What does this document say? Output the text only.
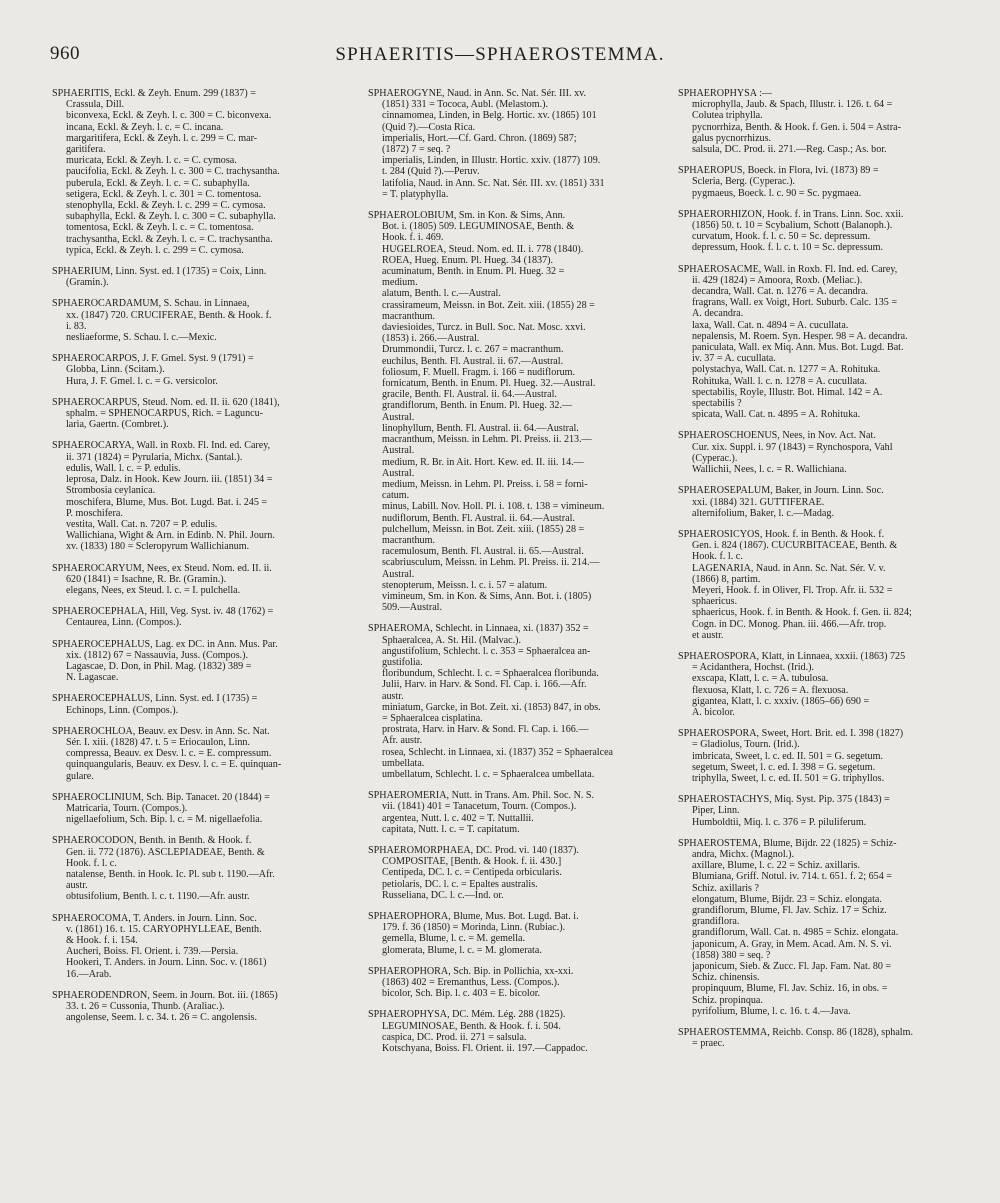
960	SPHAERITIS—SPHAEROSTEMMA.
SPHAERITIS, Eckl. & Zeyh. Enum. 299 (1837) =
Crassula, Dill.
biconvexa, Eckl. & Zeyh. l. c. 300 = C. biconvexa.
incana, Eckl. & Zeyh. l. c. = C. incana.
margaritifera, Eckl. & Zeyh. l. c. 299 = C. mar-
garitifera.
muricata, Eckl. & Zeyh. l. c. = C. cymosa.
paucifolia, Eckl. & Zeyh. l. c. 300 = C. trachysantha.
puberula, Eckl. & Zeyh. l. c. = C. subaphylla.
setigera, Eckl. & Zeyh. l. c. 301 = C. tomentosa.
stenophylla, Eckl. & Zeyh. l. c. 299 = C. cymosa.
subaphylla, Eckl. & Zeyh. l. c. 300 = C. subaphylla.
tomentosa, Eckl. & Zeyh. l. c. = C. tomentosa.
trachysantha, Eckl. & Zeyh. l. c. = C. trachysantha.
typica, Eckl. & Zeyh. l. c. 299 = C. cymosa.
SPHAERIUM, Linn. Syst. ed. I (1735) = Coix, Linn.
(Gramin.).
SPHAEROCARDAMUM, S. Schau. in Linnaea,
xx. (1847) 720. CRUCIFERAE, Benth. & Hook. f.
i. 83.
nesliaeforme, S. Schau. l. c.—Mexic.
SPHAEROCARPOS, J. F. Gmel. Syst. 9 (1791) =
Globba, Linn. (Scitam.).
Hura, J. F. Gmel. l. c. = G. versicolor.
SPHAEROCARPUS, Steud. Nom. ed. II. ii. 620 (1841),
sphalm. = SPHENOCARPUS, Rich. = Laguncu-
laria, Gaertn. (Combret.).
SPHAEROCARYA, Wall. in Roxb. Fl. Ind. ed. Carey,
ii. 371 (1824) = Pyrularia, Michx. (Santal.).
edulis, Wall. l. c. = P. edulis.
leprosa, Dalz. in Hook. Kew Journ. iii. (1851) 34 =
Strombosia ceylanica.
moschifera, Blume, Mus. Bot. Lugd. Bat. i. 245 =
P. moschifera.
vestita, Wall. Cat. n. 7207 = P. edulis.
Wallichiana, Wight & Arn. in Edinb. N. Phil. Journ.
xv. (1833) 180 = Scleropyrum Wallichianum.
SPHAEROCARYUM, Nees, ex Steud. Nom. ed. II. ii.
620 (1841) = Isachne, R. Br. (Gramin.).
elegans, Nees, ex Steud. l. c. = I. pulchella.
SPHAEROCEPHALA, Hill, Veg. Syst. iv. 48 (1762) =
Centaurea, Linn. (Compos.).
SPHAEROCEPHALUS, Lag. ex DC. in Ann. Mus. Par.
xix. (1812) 67 = Nassauvia, Juss. (Compos.).
Lagascae, D. Don, in Phil. Mag. (1832) 389 =
N. Lagascae.
SPHAEROCEPHALUS, Linn. Syst. ed. I (1735) =
Echinops, Linn. (Compos.).
SPHAEROCHLOA, Beauv. ex Desv. in Ann. Sc. Nat.
Sér. I. xiii. (1828) 47. t. 5 = Eriocaulon, Linn.
compressa, Beauv. ex Desv. l. c. = E. compressum.
quinquangularis, Beauv. ex Desv. l. c. = E. quinquan-
gulare.
SPHAEROCLINIUM, Sch. Bip. Tanacet. 20 (1844) =
Matricaria, Tourn. (Compos.).
nigellaefolium, Sch. Bip. l. c. = M. nigellaefolia.
SPHAEROCODON, Benth. in Benth. & Hook. f.
Gen. ii. 772 (1876). ASCLEPIADEAE, Benth. &
Hook. f. l. c.
natalense, Benth. in Hook. Ic. Pl. sub t. 1190.—Afr.
austr.
obtusifolium, Benth. l. c. t. 1190.—Afr. austr.
SPHAEROCOMA, T. Anders. in Journ. Linn. Soc.
v. (1861) 16. t. 15. CARYOPHYLLEAE, Benth.
& Hook. f. i. 154.
Aucheri, Boiss. Fl. Orient. i. 739.—Persia.
Hookeri, T. Anders. in Journ. Linn. Soc. v. (1861)
16.—Arab.
SPHAERODENDRON, Seem. in Journ. Bot. iii. (1865)
33. t. 26 = Cussonia, Thunb. (Araliac.).
angolense, Seem. l. c. 34. t. 26 = C. angolensis.
SPHAEROGYNE, Naud. in Ann. Sc. Nat. Sér. III. xv.
(1851) 331 = Tococa, Aubl. (Melastom.).
cinnamomea, Linden, in Belg. Hortic. xv. (1865) 101
(Quid ?).—Costa Rica.
imperialis, Hort.—Cf. Gard. Chron. (1869) 587;
(1872) 7 = seq. ?
imperialis, Linden, in Illustr. Hortic. xxiv. (1877) 109.
t. 284 (Quid ?).—Peruv.
latifolia, Naud. in Ann. Sc. Nat. Sér. III. xv. (1851) 331
= T. platyphylla.
SPHAEROLOBIUM, Sm. in Kon. & Sims, Ann.
Bot. i. (1805) 509. LEGUMINOSAE, Benth. &
Hook. f. i. 469.
HUGELROEA, Steud. Nom. ed. II. i. 778 (1840).
ROEA, Hueg. Enum. Pl. Hueg. 34 (1837).
acuminatum, Benth. in Enum. Pl. Hueg. 32 =
medium.
alatum, Benth. l. c.—Austral.
crassirameum, Meissn. in Bot. Zeit. xiii. (1855) 28 =
macranthum.
daviesioides, Turcz. in Bull. Soc. Nat. Mosc. xxvi.
(1853) i. 266.—Austral.
Drummondii, Turcz. l. c. 267 = macranthum.
euchilus, Benth. Fl. Austral. ii. 67.—Austral.
foliosum, F. Muell. Fragm. i. 166 = nudiflorum.
fornicatum, Benth. in Enum. Pl. Hueg. 32.—Austral.
gracile, Benth. Fl. Austral. ii. 64.—Austral.
grandiflorum, Benth. in Enum. Pl. Hueg. 32.—
Austral.
linophyllum, Benth. Fl. Austral. ii. 64.—Austral.
macranthum, Meissn. in Lehm. Pl. Preiss. ii. 213.—
Austral.
medium, R. Br. in Ait. Hort. Kew. ed. II. iii. 14.—
Austral.
medium, Meissn. in Lehm. Pl. Preiss. i. 58 = forni-
catum.
minus, Labill. Nov. Holl. Pl. i. 108. t. 138 = vimineum.
nudiflorum, Benth. Fl. Austral. ii. 64.—Austral.
pulchellum, Meissn. in Bot. Zeit. xiii. (1855) 28 =
macranthum.
racemulosum, Benth. Fl. Austral. ii. 65.—Austral.
scabriusculum, Meissn. in Lehm. Pl. Preiss. ii. 214.—
Austral.
stenopterum, Meissn. l. c. i. 57 = alatum.
vimineum, Sm. in Kon. & Sims, Ann. Bot. i. (1805)
509.—Austral.
SPHAEROMA, Schlecht. in Linnaea, xi. (1837) 352 =
Sphaeralcea, A. St. Hil. (Malvac.).
angustifolium, Schlecht. l. c. 353 = Sphaeralcea an-
gustifolia.
floribundum, Schlecht. l. c. = Sphaeralcea floribunda.
Julii, Harv. in Harv. & Sond. Fl. Cap. i. 166.—Afr.
austr.
miniatum, Garcke, in Bot. Zeit. xi. (1853) 847, in obs.
= Sphaeralcea cisplatina.
prostrata, Harv. in Harv. & Sond. Fl. Cap. i. 166.—
Afr. austr.
rosea, Schlecht. in Linnaea, xi. (1837) 352 = Sphaeralcea
umbellata.
umbellatum, Schlecht. l. c. = Sphaeralcea umbellata.
SPHAEROMERIA, Nutt. in Trans. Am. Phil. Soc. N. S.
vii. (1841) 401 = Tanacetum, Tourn. (Compos.).
argentea, Nutt. l. c. 402 = T. Nuttallii.
capitata, Nutt. l. c. = T. capitatum.
SPHAEROMORPHAEA, DC. Prod. vi. 140 (1837).
COMPOSITAE, [Benth. & Hook. f. ii. 430.]
Centipeda, DC. l. c. = Centipeda orbicularis.
petiolaris, DC. l. c. = Epaltes australis.
Russeliana, DC. l. c.—Ind. or.
SPHAEROPHORA, Blume, Mus. Bot. Lugd. Bat. i.
179. f. 36 (1850) = Morinda, Linn. (Rubiac.).
gemella, Blume, l. c. = M. gemella.
glomerata, Blume, l. c. = M. glomerata.
SPHAEROPHORA, Sch. Bip. in Pollichia, xx-xxi.
(1863) 402 = Eremanthus, Less. (Compos.).
bicolor, Sch. Bip. l. c. 403 = E. bicolor.
SPHAEROPHYSA, DC. Mém. Lég. 288 (1825).
LEGUMINOSAE, Benth. & Hook. f. i. 504.
caspica, DC. Prod. ii. 271 = salsula.
Kotschyana, Boiss. Fl. Orient. ii. 197.—Cappadoc.
SPHAEROPHYSA :—
microphylla, Jaub. & Spach, Illustr. i. 126. t. 64 =
Colutea triphylla.
pycnorrhiza, Benth. & Hook. f. Gen. i. 504 = Astra-
galus pycnorrhizus.
salsula, DC. Prod. ii. 271.—Reg. Casp.; As. bor.
SPHAEROPUS, Boeck. in Flora, lvi. (1873) 89 =
Scleria, Berg. (Cyperac.).
pygmaeus, Boeck. l. c. 90 = Sc. pygmaea.
SPHAERORHIZON, Hook. f. in Trans. Linn. Soc. xxii.
(1856) 50. t. 10 = Scybalium, Schott (Balanoph.).
curvatum, Hook. f. l. c. 50 = Sc. depressum.
depressum, Hook. f. l. c. t. 10 = Sc. depressum.
SPHAEROSACME, Wall. in Roxb. Fl. Ind. ed. Carey,
ii. 429 (1824) = Amoora, Roxb. (Meliac.).
decandra, Wall. Cat. n. 1276 = A. decandra.
fragrans, Wall. ex Voigt, Hort. Suburb. Calc. 135 =
A. decandra.
laxa, Wall. Cat. n. 4894 = A. cucullata.
nepalensis, M. Roem. Syn. Hesper. 98 = A. decandra.
paniculata, Wall. ex Miq. Ann. Mus. Bot. Lugd. Bat.
iv. 37 = A. cucullata.
polystachya, Wall. Cat. n. 1277 = A. Rohituka.
Rohituka, Wall. l. c. n. 1278 = A. cucullata.
spectabilis, Royle, Illustr. Bot. Himal. 142 = A.
spectabilis ?
spicata, Wall. Cat. n. 4895 = A. Rohituka.
SPHAEROSCHOENUS, Nees, in Nov. Act. Nat.
Cur. xix. Suppl. i. 97 (1843) = Rynchospora, Vahl
(Cyperac.).
Wallichii, Nees, l. c. = R. Wallichiana.
SPHAEROSEPALUM, Baker, in Journ. Linn. Soc.
xxi. (1884) 321. GUTTIFERAE.
alternifolium, Baker, l. c.—Madag.
SPHAEROSICYOS, Hook. f. in Benth. & Hook. f.
Gen. i. 824 (1867). CUCURBITACEAE, Benth. &
Hook. f. l. c.
LAGENARIA, Naud. in Ann. Sc. Nat. Sér. V. v.
(1866) 8, partim.
Meyeri, Hook. f. in Oliver, Fl. Trop. Afr. ii. 532 =
sphaericus.
sphaericus, Hook. f. in Benth. & Hook. f. Gen. ii. 824;
Cogn. in DC. Monog. Phan. iii. 466.—Afr. trop.
et austr.
SPHAEROSPORA, Klatt, in Linnaea, xxxii. (1863) 725
= Acidanthera, Hochst. (Irid.).
exscapa, Klatt, l. c. = A. tubulosa.
flexuosa, Klatt, l. c. 726 = A. flexuosa.
gigantea, Klatt, l. c. xxxiv. (1865–66) 690 =
A. bicolor.
SPHAEROSPORA, Sweet, Hort. Brit. ed. I. 398 (1827)
= Gladiolus, Tourn. (Irid.).
imbricata, Sweet, l. c. ed. II. 501 = G. segetum.
segetum, Sweet, l. c. ed. I. 398 = G. segetum.
triphylla, Sweet, l. c. ed. II. 501 = G. triphyllos.
SPHAEROSTACHYS, Miq. Syst. Pip. 375 (1843) =
Piper, Linn.
Humboldtii, Miq. l. c. 376 = P. piluliferum.
SPHAEROSTEMA, Blume, Bijdr. 22 (1825) = Schiz-
andra, Michx. (Magnol.).
axillare, Blume, l. c. 22 = Schiz. axillaris.
Blumiana, Griff. Notul. iv. 714. t. 651. f. 2; 654 =
Schiz. axillaris ?
elongatum, Blume, Bijdr. 23 = Schiz. elongata.
grandiflorum, Blume, Fl. Jav. Schiz. 17 = Schiz.
grandiflora.
grandiflorum, Wall. Cat. n. 4985 = Schiz. elongata.
japonicum, A. Gray, in Mem. Acad. Am. N. S. vi.
(1858) 380 = seq. ?
japonicum, Sieb. & Zucc. Fl. Jap. Fam. Nat. 80 =
Schiz. chinensis.
propinquum, Blume, Fl. Jav. Schiz. 16, in obs. =
Schiz. propinqua.
pyrifolium, Blume, l. c. 16. t. 4.—Java.
SPHAEROSTEMMA, Reichb. Consp. 86 (1828), sphalm.
= praec.
